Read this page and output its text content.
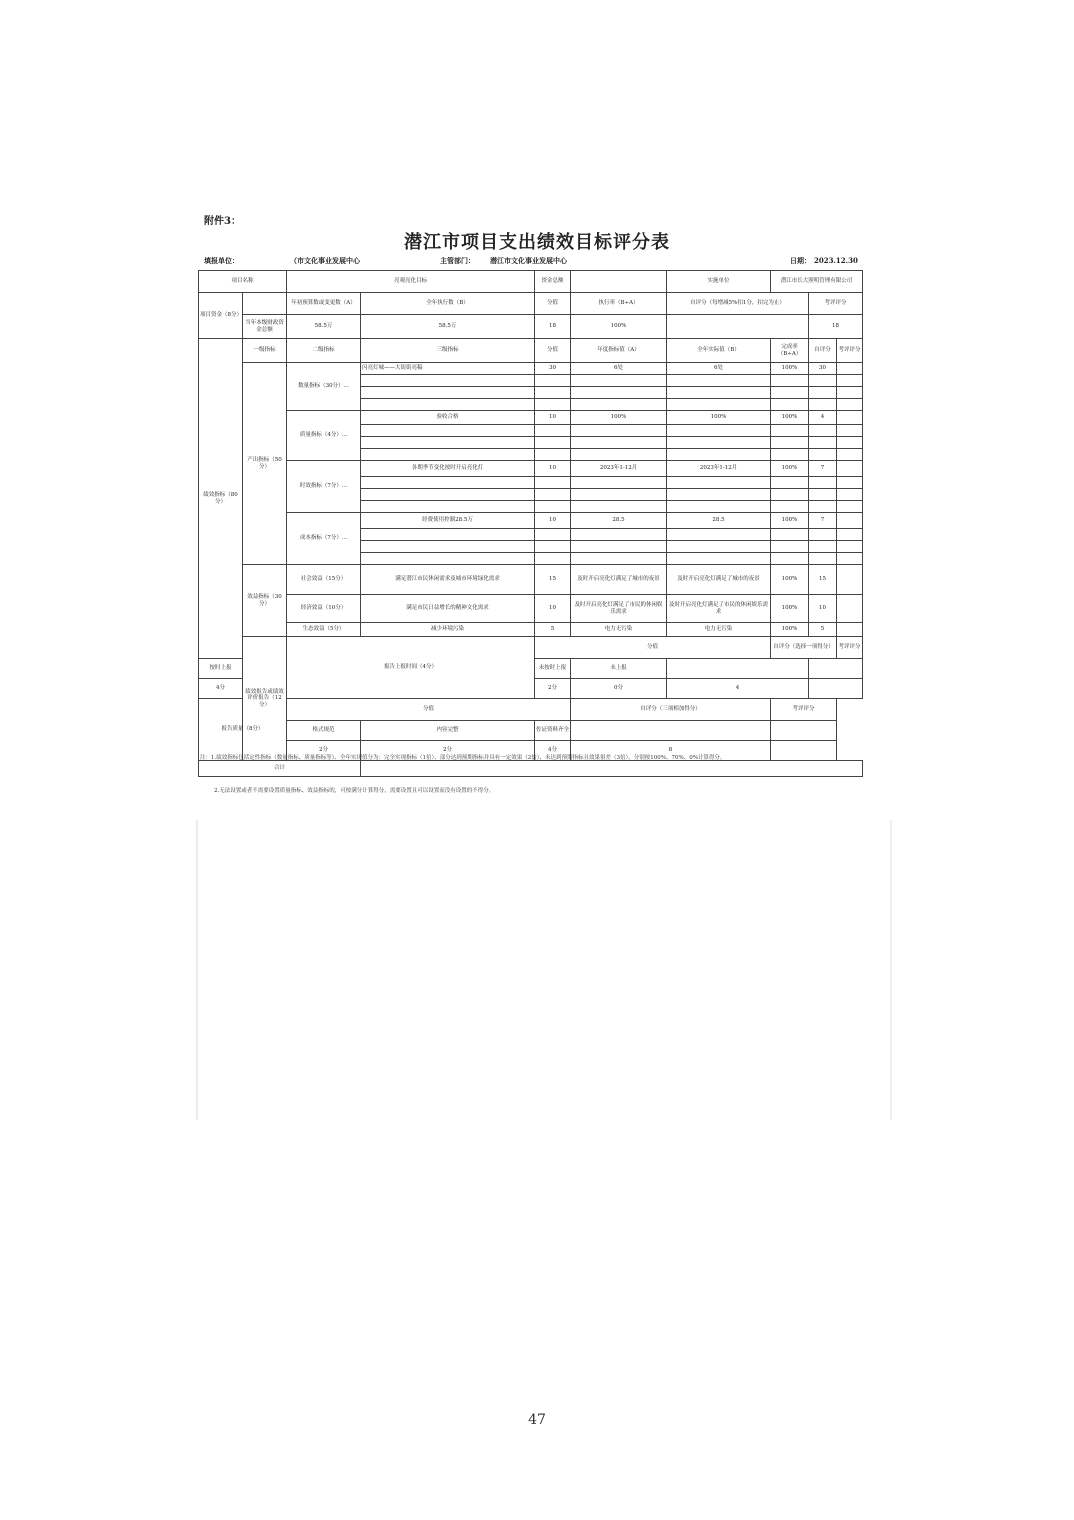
附件3：
潜江市项目支出绩效目标评分表
填报单位：	（市文化事业发展中心	主管部门： 潜江市文化事业发展中心	日期： 2023.12.30
项目名称		亮观亮化目标		资金总额		实施单位	潜江市长大照明管理有限公司		
项目资金（8分）		年初预算数或变更数（A）	全年执行数（B）	分值	执行率（B÷A）	自评分（每增减5%扣1分，扣完为止）		考评评分	
	当年本级财政资金总额	58.5万	58.5万	18	100%			18	
绩效指标（80分）	一级指标	二级指标	三级指标	分值	年度指标值（A）	全年实际值（B）	完成率（B÷A）	自评分	考评评分
	产出指标（50分）	数量指标（30分）...	闪亮灯城——大街街亮稿	30	6处	6处	100%	30	

		质量指标（4分）...	验收合格	10	100%	100%	100%	4	

		时效指标（7分）...	各期季节变化按时开启亮化灯	10	2023年1-12月	2023年1-12月	100%	7	

		成本指标（7分）...	经费使用控制28.5万	10	28.5	28.5	100%	7	

	效益指标（30分）	社会效益（15分）	满足潜江市民休闲需求及城市环境绿化需求	15	及时开启亮化灯满足了城市的夜景	及时开启亮化灯满足了城市的夜景	100%	15	
		经济效益（10分）	满足市民日益增长的精神文化需求	10	及时开启亮化灯满足了市民的休闲娱乐需求	及时开启亮化灯满足了市民的休闲娱乐需求	100%	10	
		生态效益（5分）	减少环境污染	5	电力无污染	电力无污染	100%	5	
	绩效报告或绩效评价报告（12分）	报告上报时间（4分）		分值			自评分（选择一项得分）		考评评分
按时上报				未按时上报	未上报				
4分				2分	0分	4			
报告质量（8分）		分值			自评分（三项相加得分）		考评评分		
		格式规范	内容完整	佐证资料齐全					
		2分	2分	4分	8				
合计									
注：1.绩效指标包括定性指标（数量指标、质量指标等）、全年实现值分为：完全实现指标（1倍）、部分达到预期指标并具有一定效果（2倍）、未达到预期指标且效果很差（3倍），分别按100%、70%、0%计算得分。
2.无法设置或者不需要设置质量指标、效益指标的，可按满分计算得分，需要设置且可以设置而没有设置的不得分。
47
